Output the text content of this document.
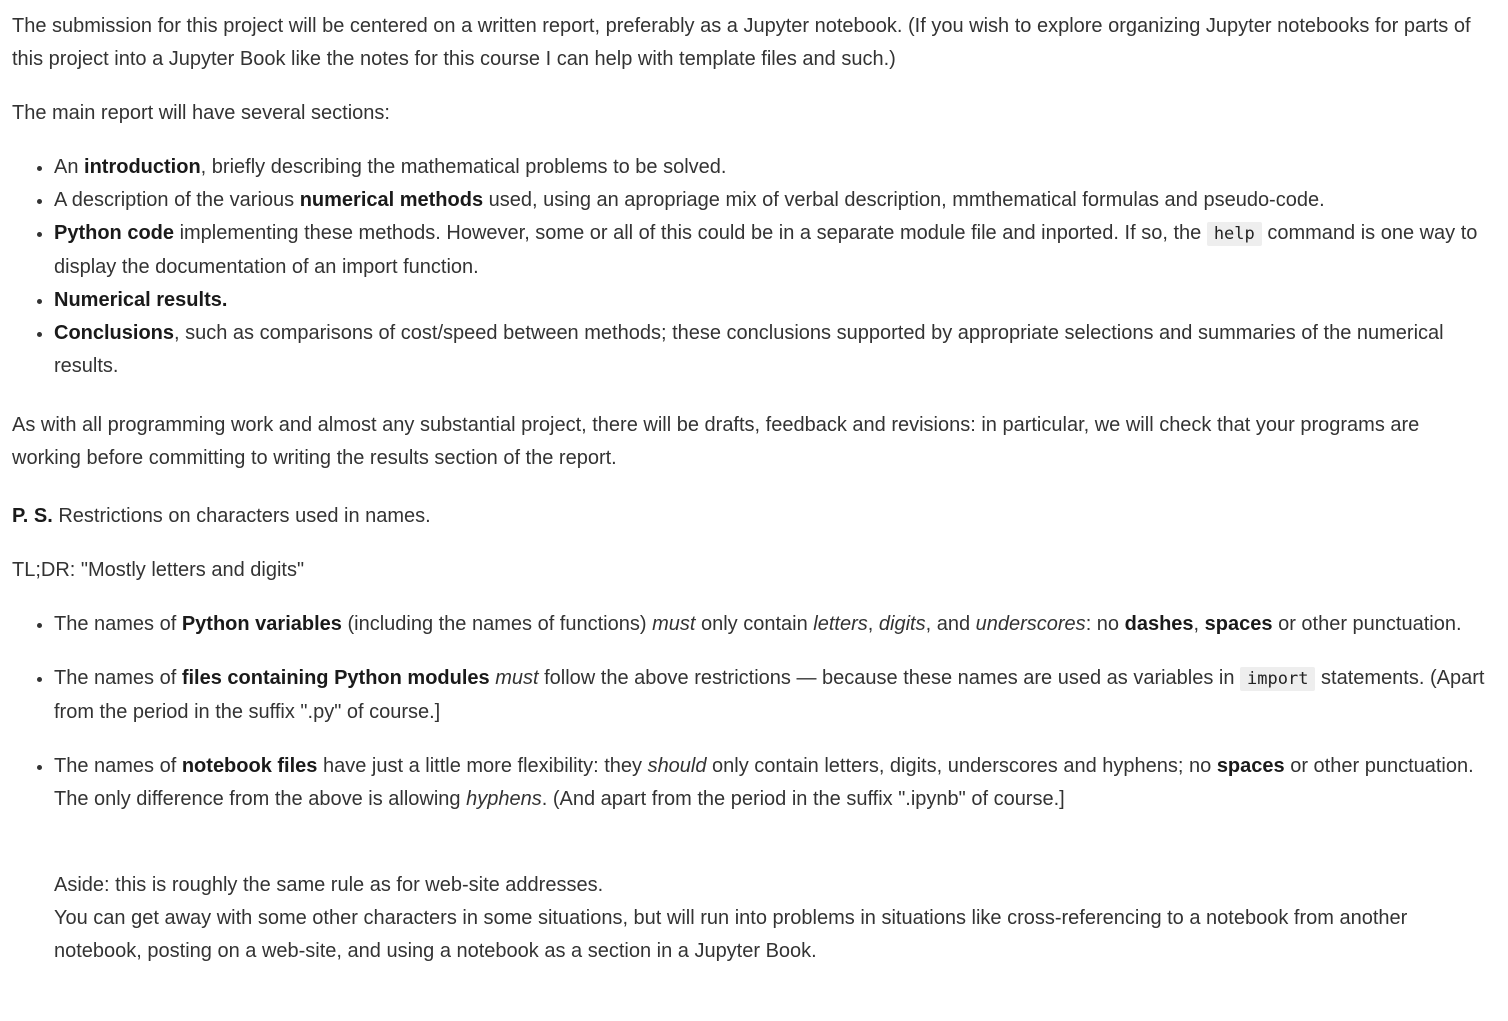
The submission for this project will be centered on a written report, preferably as a Jupyter notebook. (If you wish to explore organizing Jupyter notebooks for parts of this project into a Jupyter Book like the notes for this course I can help with template files and such.)

The main report will have several sections:

• An introduction, briefly describing the mathematical problems to be solved.
• A description of the various numerical methods used, using an apropriage mix of verbal description, mmthematical formulas and pseudo-code.
• Python code implementing these methods. However, some or all of this could be in a separate module file and inported. If so, the help command is one way to display the documentation of an import function.
• Numerical results.
• Conclusions, such as comparisons of cost/speed between methods; these conclusions supported by appropriate selections and summaries of the numerical results.

As with all programming work and almost any substantial project, there will be drafts, feedback and revisions: in particular, we will check that your programs are working before committing to writing the results section of the report.

P. S. Restrictions on characters used in names.

TL;DR: "Mostly letters and digits"

• The names of Python variables (including the names of functions) must only contain letters, digits, and underscores: no dashes, spaces or other punctuation.
• The names of files containing Python modules must follow the above restrictions — because these names are used as variables in import statements. (Apart from the period in the suffix ".py" of course.]
• The names of notebook files have just a little more flexibility: they should only contain letters, digits, underscores and hyphens; no spaces or other punctuation. The only difference from the above is allowing hyphens. (And apart from the period in the suffix ".ipynb" of course.]

Aside: this is roughly the same rule as for web-site addresses.

You can get away with some other characters in some situations, but will run into problems in situations like cross-referencing to a notebook from another notebook, posting on a web-site, and using a notebook as a section in a Jupyter Book.
